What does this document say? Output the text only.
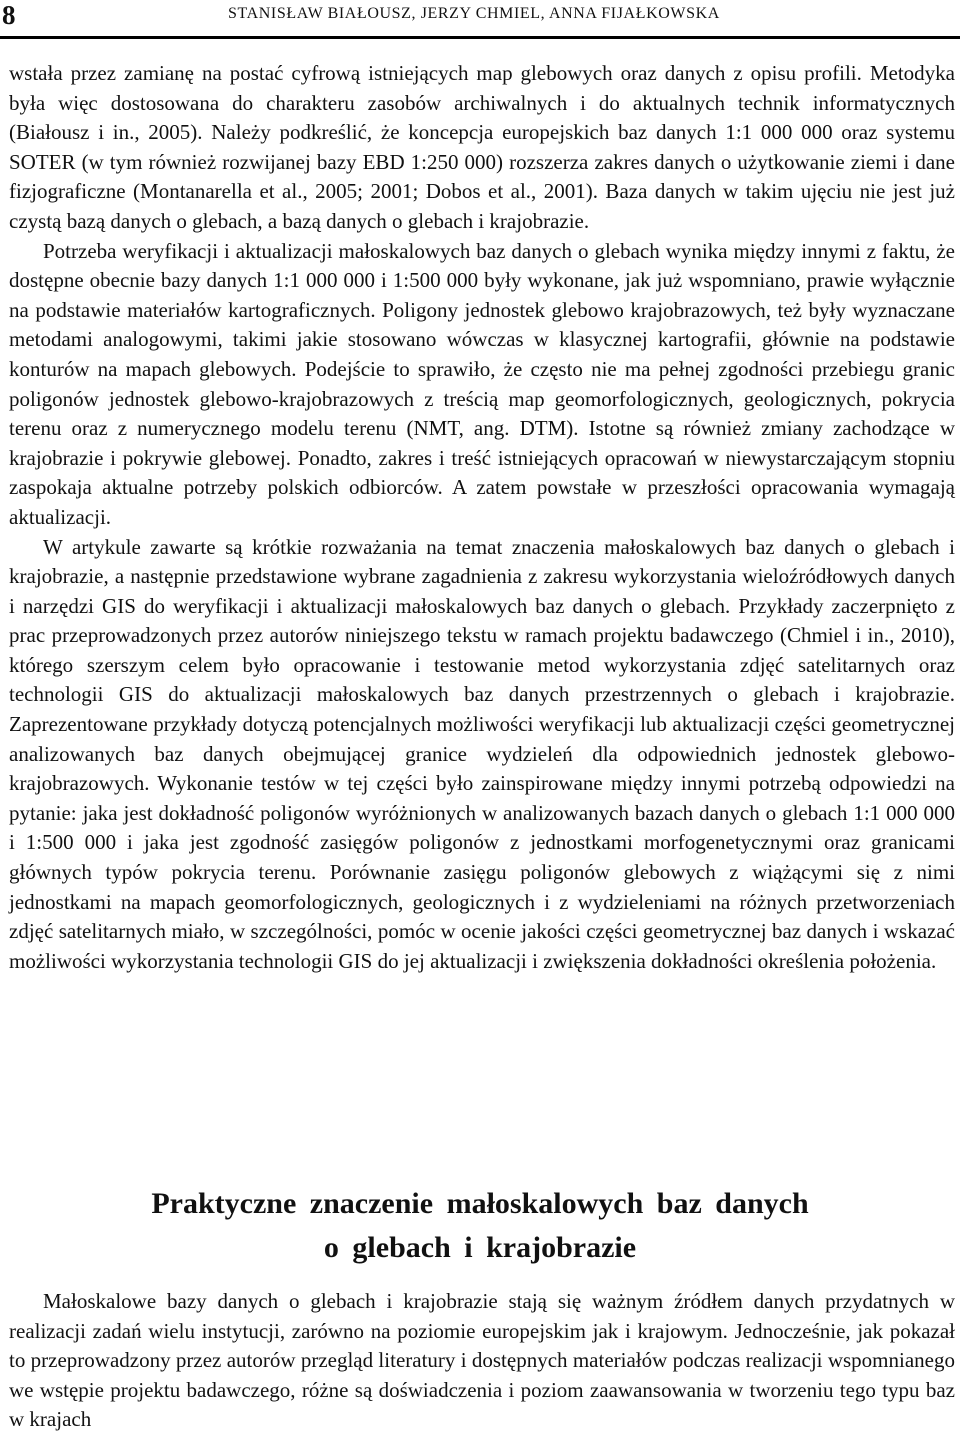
8	STANISŁAW BIAŁOUSZ, JERZY CHMIEL, ANNA FIJAŁKOWSKA

wstała przez zamianę na postać cyfrową istniejących map glebowych oraz danych z opisu profili. Metodyka była więc dostosowana do charakteru zasobów archiwalnych i do aktualnych technik informatycznych (Białousz i in., 2005). Należy podkreślić, że koncepcja europejskich baz danych 1:1 000 000 oraz systemu SOTER (w tym również rozwijanej bazy EBD 1:250 000) rozszerza zakres danych o użytkowanie ziemi i dane fizjograficzne (Montanarella et al., 2005; 2001; Dobos et al., 2001). Baza danych w takim ujęciu nie jest już czystą bazą danych o glebach, a bazą danych o glebach i krajobrazie.

Potrzeba weryfikacji i aktualizacji małoskalowych baz danych o glebach wynika między innymi z faktu, że dostępne obecnie bazy danych 1:1 000 000 i 1:500 000 były wykonane, jak już wspomniano, prawie wyłącznie na podstawie materiałów kartograficznych. Poligony jednostek glebowo krajobrazowych, też były wyznaczane metodami analogowymi, takimi jakie stosowano wówczas w klasycznej kartografii, głównie na podstawie konturów na mapach glebowych. Podejście to sprawiło, że często nie ma pełnej zgodności przebiegu granic poligonów jednostek glebowo-krajobrazowych z treścią map geomorfologicznych, geologicznych, pokrycia terenu oraz z numerycznego modelu terenu (NMT, ang. DTM). Istotne są również zmiany zachodzące w krajobrazie i pokrywie glebowej. Ponadto, zakres i treść istniejących opracowań w niewystarczającym stopniu zaspokaja aktualne potrzeby polskich odbiorców. A zatem powstałe w przeszłości opracowania wymagają aktualizacji.

W artykule zawarte są krótkie rozważania na temat znaczenia małoskalowych baz danych o glebach i krajobrazie, a następnie przedstawione wybrane zagadnienia z zakresu wykorzystania wieloźródłowych danych i narzędzi GIS do weryfikacji i aktualizacji małoskalowych baz danych o glebach. Przykłady zaczerpnięto z prac przeprowadzonych przez autorów niniejszego tekstu w ramach projektu badawczego (Chmiel i in., 2010), którego szerszym celem było opracowanie i testowanie metod wykorzystania zdjęć satelitarnych oraz technologii GIS do aktualizacji małoskalowych baz danych przestrzennych o glebach i krajobrazie. Zaprezentowane przykłady dotyczą potencjalnych możliwości weryfikacji lub aktualizacji części geometrycznej analizowanych baz danych obejmującej granice wydzieleń dla odpowiednich jednostek glebowo-krajobrazowych. Wykonanie testów w tej części było zainspirowane między innymi potrzebą odpowiedzi na pytanie: jaka jest dokładność poligonów wyróżnionych w analizowanych bazach danych o glebach 1:1 000 000 i 1:500 000 i jaka jest zgodność zasięgów poligonów z jednostkami morfogenetycznymi oraz granicami głównych typów pokrycia terenu. Porównanie zasięgu poligonów glebowych z wiążącymi się z nimi jednostkami na mapach geomorfologicznych, geologicznych i z wydzieleniami na różnych przetworzeniach zdjęć satelitarnych miało, w szczególności, pomóc w ocenie jakości części geometrycznej baz danych i wskazać możliwości wykorzystania technologii GIS do jej aktualizacji i zwiększenia dokładności określenia położenia.

Praktyczne znaczenie małoskalowych baz danych
o glebach i krajobrazie

Małoskalowe bazy danych o glebach i krajobrazie stają się ważnym źródłem danych przydatnych w realizacji zadań wielu instytucji, zarówno na poziomie europejskim jak i krajowym. Jednocześnie, jak pokazał to przeprowadzony przez autorów przegląd literatury i dostępnych materiałów podczas realizacji wspomnianego we wstępie projektu badawczego, różne są doświadczenia i poziom zaawansowania w tworzeniu tego typu baz w krajach
